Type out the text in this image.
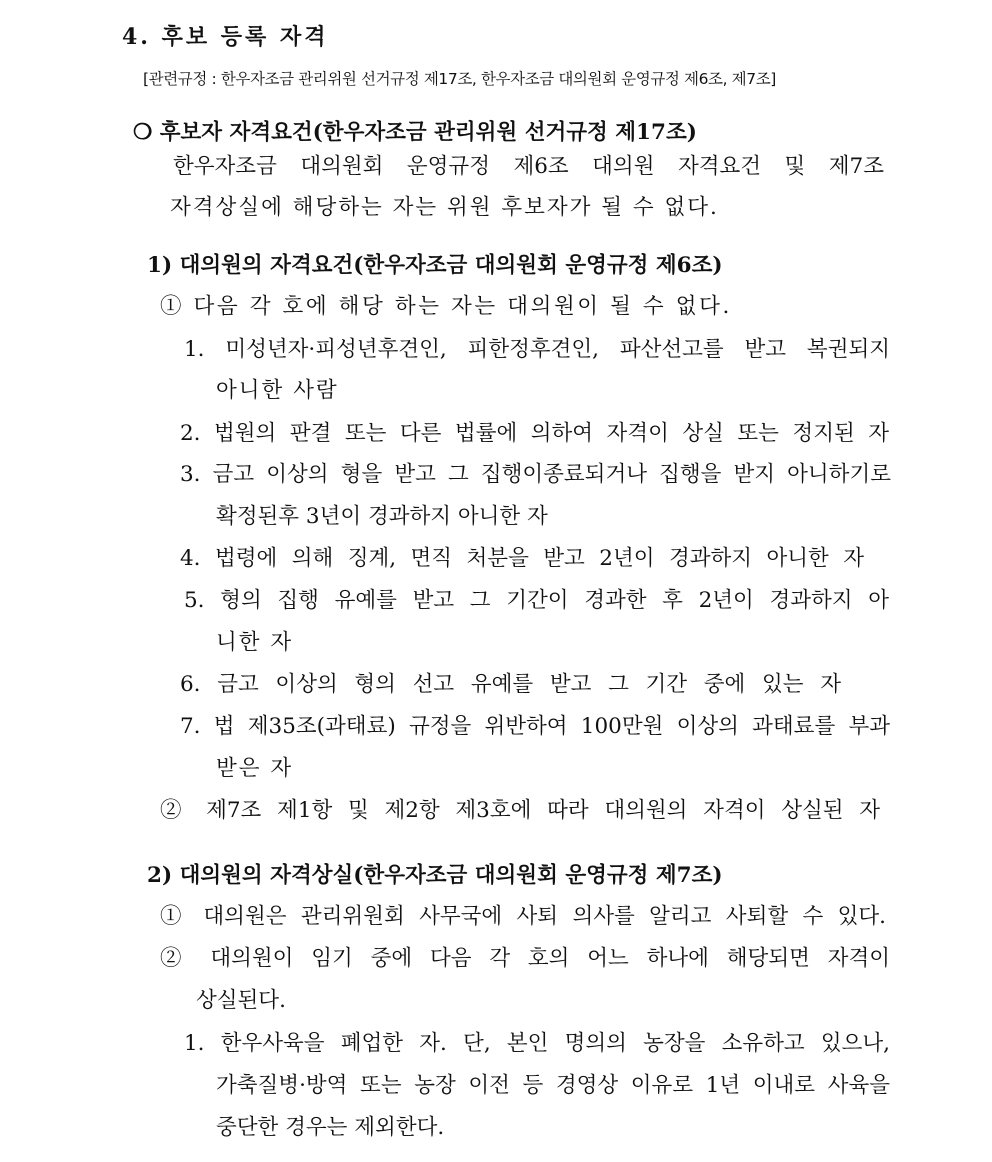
4. 후보 등록 자격
[관련규정 : 한우자조금 관리위원 선거규정 제17조, 한우자조금 대의원회 운영규정 제6조, 제7조]
❍ 후보자 자격요건(한우자조금 관리위원 선거규정 제17조)
한우자조금 대의원회 운영규정 제6조 대의원 자격요건 및 제7조
자격상실에 해당하는 자는 위원 후보자가 될 수 없다.
1) 대의원의 자격요건(한우자조금 대의원회 운영규정 제6조)
① 다음 각 호에 해당 하는 자는 대의원이 될 수 없다.
1. 미성년자·피성년후견인, 피한정후견인, 파산선고를 받고 복권되지
아니한 사람
2. 법원의 판결 또는 다른 법률에 의하여 자격이 상실 또는 정지된 자
3. 금고 이상의 형을 받고 그 집행이종료되거나 집행을 받지 아니하기로
확정된후 3년이 경과하지 아니한 자
4. 법령에 의해 징계, 면직 처분을 받고 2년이 경과하지 아니한 자
5. 형의 집행 유예를 받고 그 기간이 경과한 후 2년이 경과하지 아
니한 자
6. 금고 이상의 형의 선고 유예를 받고 그 기간 중에 있는 자
7. 법 제35조(과태료) 규정을 위반하여 100만원 이상의 과태료를 부과
받은 자
② 제7조 제1항 및 제2항 제3호에 따라 대의원의 자격이 상실된 자
2) 대의원의 자격상실(한우자조금 대의원회 운영규정 제7조)
① 대의원은 관리위원회 사무국에 사퇴 의사를 알리고 사퇴할 수 있다.
② 대의원이 임기 중에 다음 각 호의 어느 하나에 해당되면 자격이
상실된다.
1. 한우사육을 폐업한 자. 단, 본인 명의의 농장을 소유하고 있으나,
가축질병·방역 또는 농장 이전 등 경영상 이유로 1년 이내로 사육을
중단한 경우는 제외한다.
